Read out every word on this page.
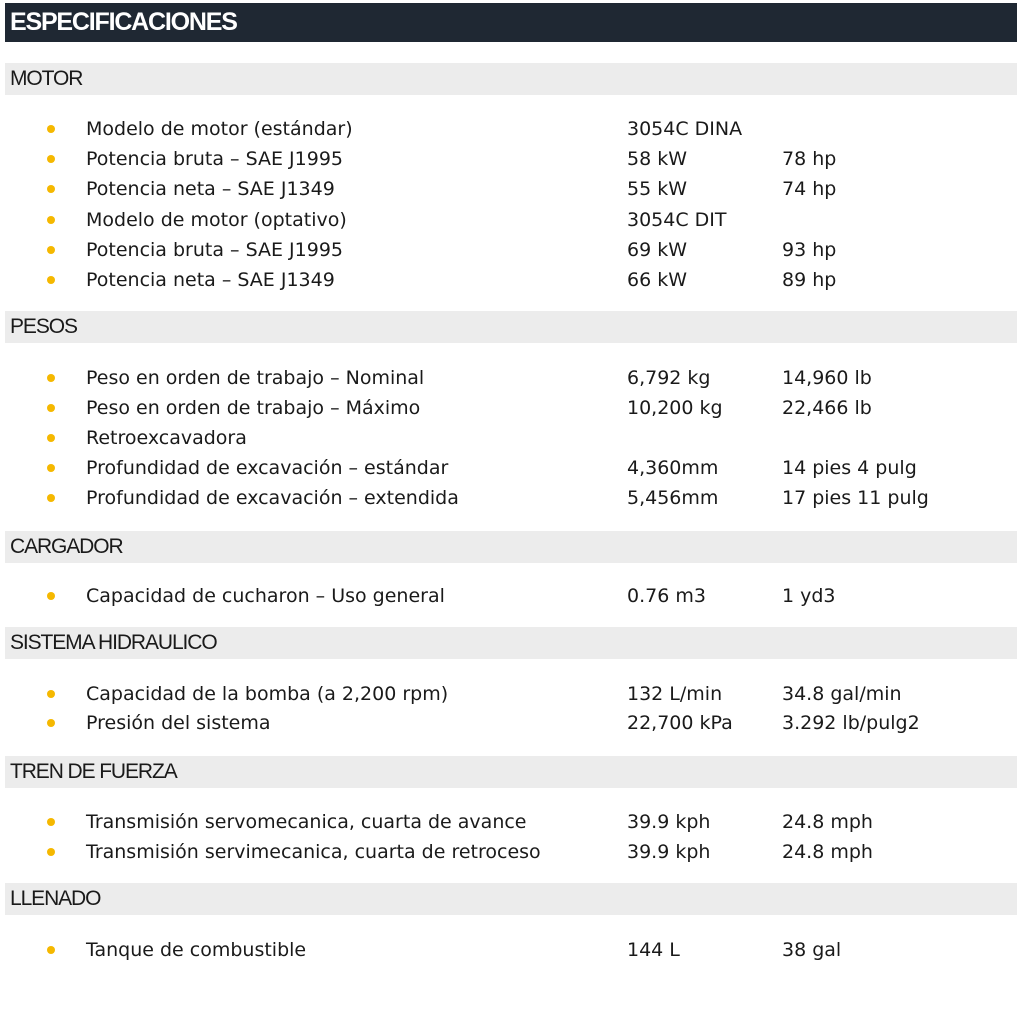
ESPECIFICACIONES
MOTOR
Modelo de motor (estándar)	3054C DINA
Potencia bruta – SAE J1995	58 kW	78 hp
Potencia neta – SAE J1349	55 kW	74 hp
Modelo de motor (optativo)	3054C DIT
Potencia bruta – SAE J1995	69 kW	93 hp
Potencia neta – SAE J1349	66 kW	89 hp
PESOS
Peso en orden de trabajo – Nominal	6,792 kg	14,960 lb
Peso en orden de trabajo – Máximo	10,200 kg	22,466 lb
Retroexcavadora
Profundidad de excavación – estándar	4,360mm	14 pies 4 pulg
Profundidad de excavación – extendida	5,456mm	17 pies 11 pulg
CARGADOR
Capacidad de cucharon – Uso general	0.76 m3	1 yd3
SISTEMA HIDRAULICO
Capacidad de la bomba (a 2,200 rpm)	132 L/min	34.8 gal/min
Presión del sistema	22,700 kPa	3.292 lb/pulg2
TREN DE FUERZA
Transmisión servomecanica, cuarta de avance	39.9 kph	24.8 mph
Transmisión servimecanica, cuarta de retroceso	39.9 kph	24.8 mph
LLENADO
Tanque de combustible	144 L	38 gal
